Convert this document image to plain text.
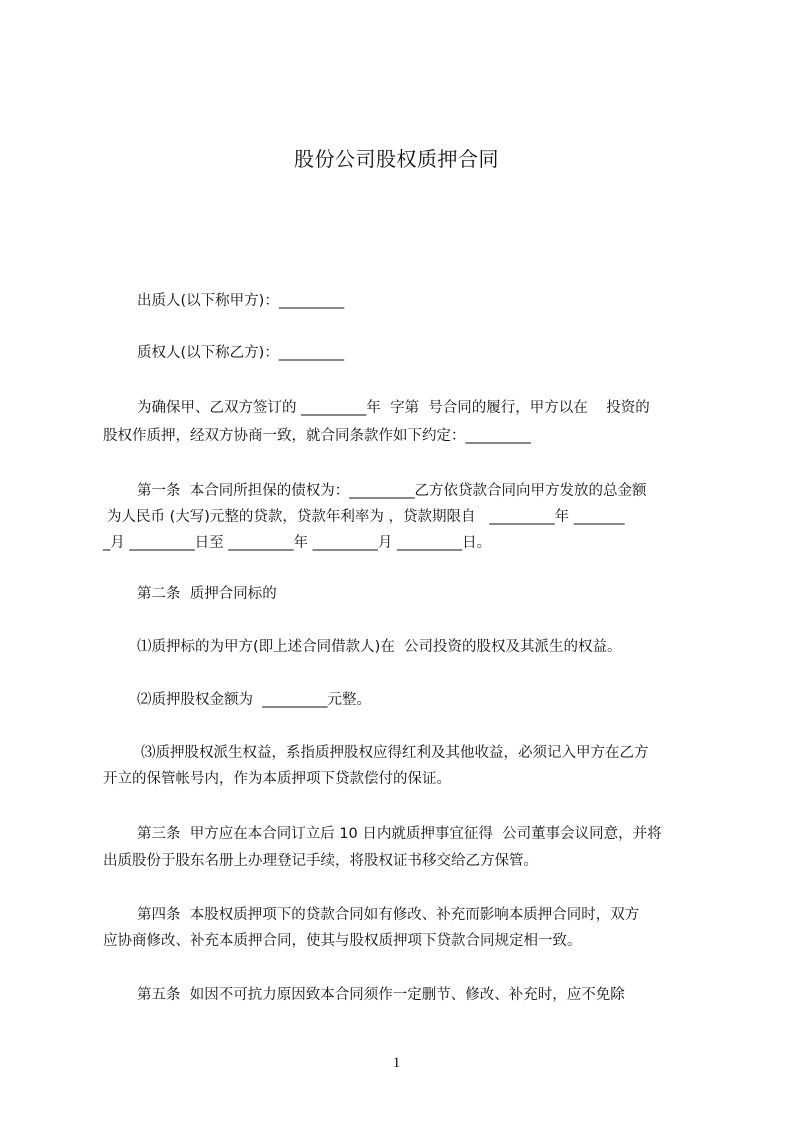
股份公司股权质押合同
出质人(以下称甲方)：_________
质权人(以下称乙方)：_________
为确保甲、乙双方签订的 _________年  字第  号合同的履行，甲方以在    投资的
股权作质押，经双方协商一致，就合同条款作如下约定：_________
第一条  本合同所担保的债权为：_________乙方依贷款合同向甲方发放的总金额
为人民币 (大写)元整的贷款，贷款年利率为 ，贷款期限自   _________年 _______
_月 _________日至 _________年 _________月 _________日。
第二条  质押合同标的
⑴质押标的为甲方(即上述合同借款人)在  公司投资的股权及其派生的权益。
⑵质押股权金额为  _________元整。
⑶质押股权派生权益，系指质押股权应得红利及其他收益，必须记入甲方在乙方
开立的保管帐号内，作为本质押项下贷款偿付的保证。
第三条  甲方应在本合同订立后 10 日内就质押事宜征得  公司董事会议同意，并将
出质股份于股东名册上办理登记手续，将股权证书移交给乙方保管。
第四条  本股权质押项下的贷款合同如有修改、补充而影响本质押合同时，双方
应协商修改、补充本质押合同，使其与股权质押项下贷款合同规定相一致。
第五条  如因不可抗力原因致本合同须作一定删节、修改、补充时，应不免除
1
